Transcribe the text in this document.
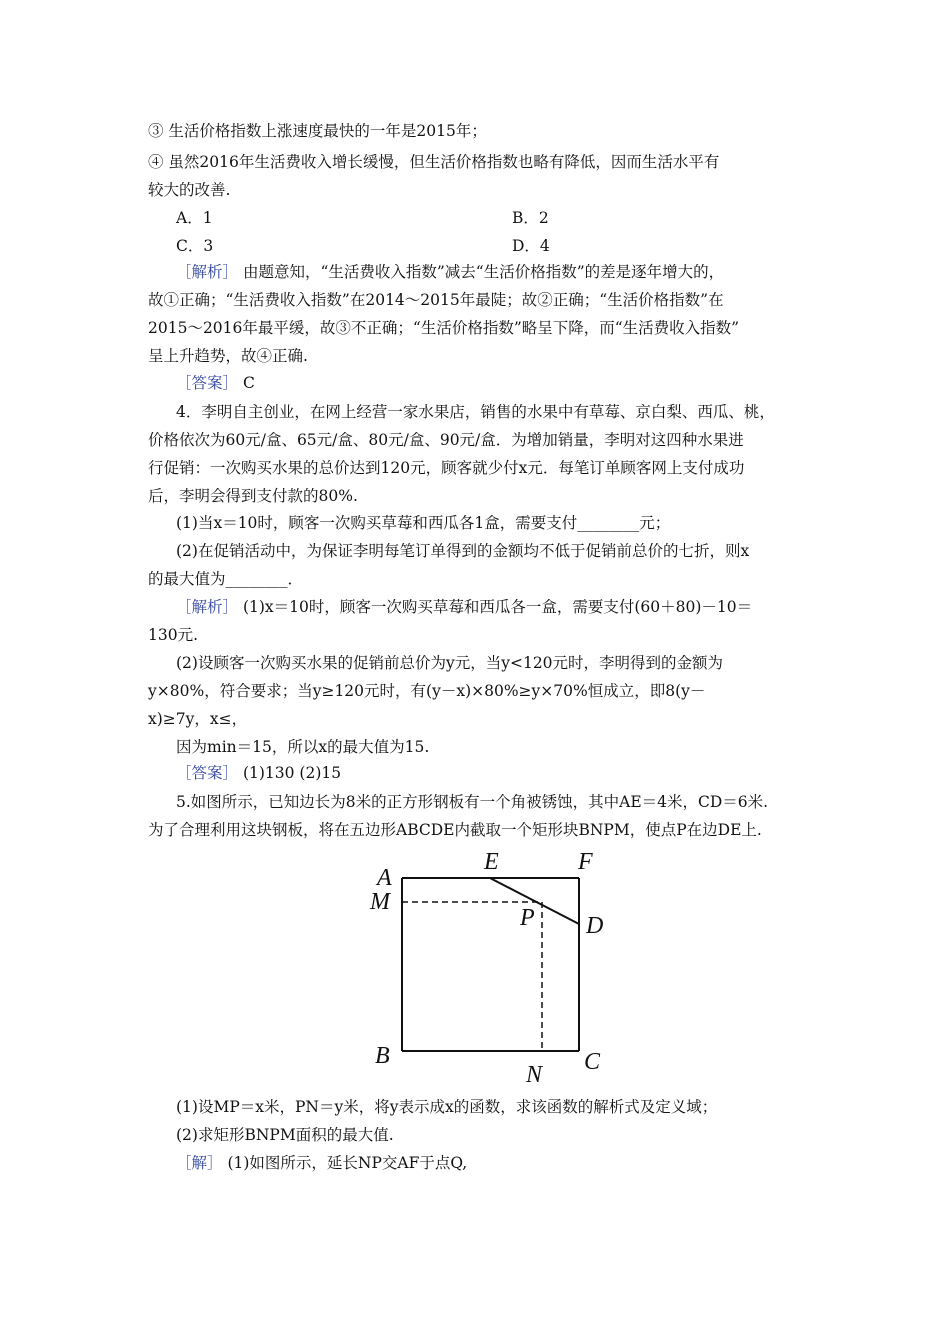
③ 生活价格指数上涨速度最快的一年是2015年；
④ 虽然2016年生活费收入增长缓慢，但生活价格指数也略有降低，因而生活水平有
较大的改善.
A．1	B．2
C．3	D．4
［解析］ 由题意知，“生活费收入指数”减去“生活价格指数”的差是逐年增大的，
故①正确；“生活费收入指数”在2014～2015年最陡；故②正确；“生活价格指数”在
2015～2016年最平缓，故③不正确；“生活价格指数”略呈下降，而“生活费收入指数”
呈上升趋势，故④正确.
［答案］ C
4．李明自主创业，在网上经营一家水果店，销售的水果中有草莓、京白梨、西瓜、桃，
价格依次为60元/盒、65元/盒、80元/盒、90元/盒．为增加销量，李明对这四种水果进
行促销：一次购买水果的总价达到120元，顾客就少付x元．每笔订单顾客网上支付成功
后，李明会得到支付款的80%.
(1)当x＝10时，顾客一次购买草莓和西瓜各1盒，需要支付________元；
(2)在促销活动中，为保证李明每笔订单得到的金额均不低于促销前总价的七折，则x
的最大值为________．
［解析］ (1)x＝10时，顾客一次购买草莓和西瓜各一盒，需要支付(60＋80)－10＝
130元.
(2)设顾客一次购买水果的促销前总价为y元，当y<120元时，李明得到的金额为
y×80%，符合要求；当y≥120元时，有(y－x)×80%≥y×70%恒成立，即8(y－
x)≥7y，x≤，
因为min＝15，所以x的最大值为15.
［答案］ (1)130 (2)15
5.如图所示，已知边长为8米的正方形钢板有一个角被锈蚀，其中AE＝4米，CD＝6米.
为了合理利用这块钢板，将在五边形ABCDE内截取一个矩形块BNPM，使点P在边DE上.
A
M
E	F
P D
B	C
N
(1)设MP＝x米，PN＝y米，将y表示成x的函数，求该函数的解析式及定义域；
(2)求矩形BNPM面积的最大值.
［解］ (1)如图所示，延长NP交AF于点Q,
